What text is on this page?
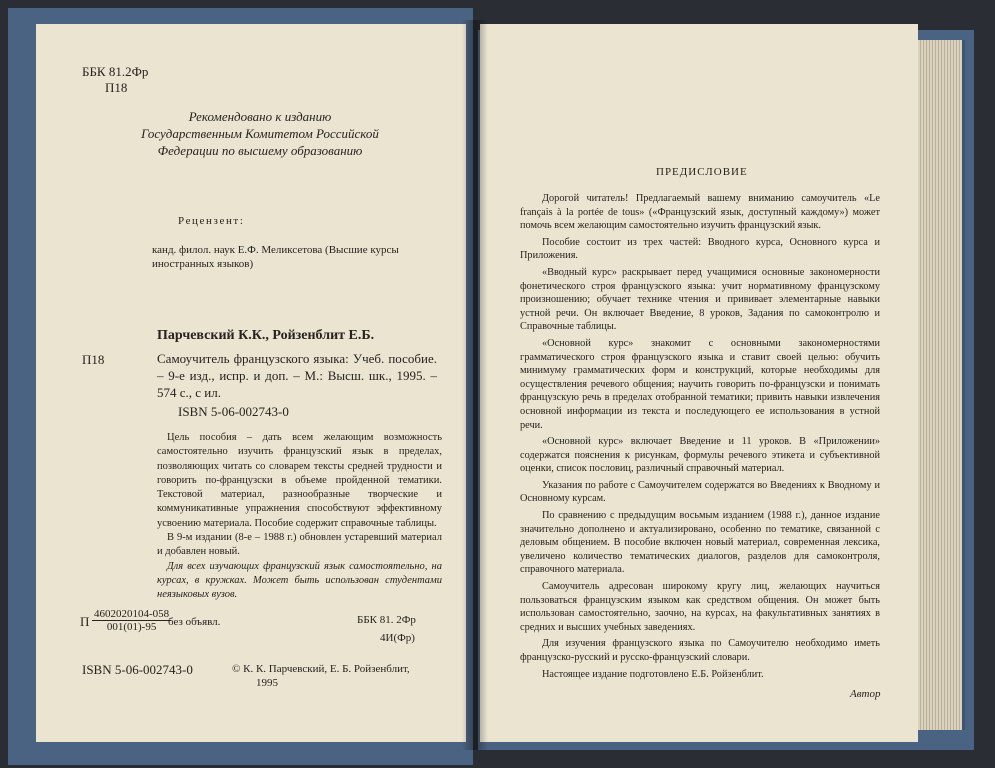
ББК 81.2Фр
П18
Рекомендовано к изданию Государственным Комитетом Российской Федерации по высшему образованию
Рецензент:
канд. филол. наук Е.Ф. Меликсетова (Высшие курсы иностранных языков)
Парчевский К.К., Ройзенблит Е.Б.
П18	Самоучитель французского языка: Учеб. пособие. – 9-е изд., испр. и доп. – М.: Высш. шк., 1995. – 574 с., с ил.
ISBN 5-06-002743-0

Цель пособия – дать всем желающим возможность самостоятельно изучить французский язык в пределах, позволяющих читать со словарем тексты средней трудности и говорить по-французски в объеме пройденной тематики. Текстовой материал, разнообразные творческие и коммуникативные упражнения способствуют эффективному усвоению материала. Пособие содержит справочные таблицы.

В 9-м издании (8-е – 1988 г.) обновлен устаревший материал и добавлен новый.

Для всех изучающих французский язык самостоятельно, на курсах, в кружках. Может быть использован студентами неязыковых вузов.

П $\frac{4602020104-058}{001(01)-95}$
без объявл.	ББК 81. 2Фр
4И(Фр)
ISBN 5-06-002743-0	© К. К. Парчевский, Е. Б. Ройзенблит,
1995
ПРЕДИСЛОВИЕ

Дорогой читатель! Предлагаемый вашему вниманию самоучитель «Le français à la portée de tous» («Французский язык, доступный каждому») может помочь всем желающим самостоятельно изучить французский язык.

Пособие состоит из трех частей: Вводного курса, Основного курса и Приложения.

«Вводный курс» раскрывает перед учащимися основные закономерности фонетического строя французского языка: учит нормативному французскому произношению; обучает технике чтения и прививает элементарные навыки устной речи. Он включает Введение, 8 уроков, Задания по самоконтролю и Справочные таблицы.

«Основной курс» знакомит с основными закономерностями грамматического строя французского языка и ставит своей целью: обучить минимуму грамматических форм и конструкций, которые необходимы для осуществления речевого общения; научить говорить по-французски и понимать французскую речь в пределах отобранной тематики; привить навыки извлечения основной информации из текста и последующего ее использования в устной речи.

«Основной курс» включает Введение и 11 уроков. В «Приложении» содержатся пояснения к рисункам, формулы речевого этикета и субъективной оценки, список пословиц, различный справочный материал.

Указания по работе с Самоучителем содержатся во Введениях к Вводному и Основному курсам.

По сравнению с предыдущим восьмым изданием (1988 г.), данное издание значительно дополнено и актуализировано, особенно по тематике, связанной с деловым общением. В пособие включен новый материал, современная лексика, увеличено количество тематических диалогов, разделов для самоконтроля, справочного материала.

Самоучитель адресован широкому кругу лиц, желающих научиться пользоваться французским языком как средством общения. Он может быть использован самостоятельно, заочно, на курсах, на факультативных занятиях в средних и высших учебных заведениях.

Для изучения французского языка по Самоучителю необходимо иметь французско-русский и русско-французский словари.

Настоящее издание подготовлено Е.Б. Ройзенблит.

Автор
